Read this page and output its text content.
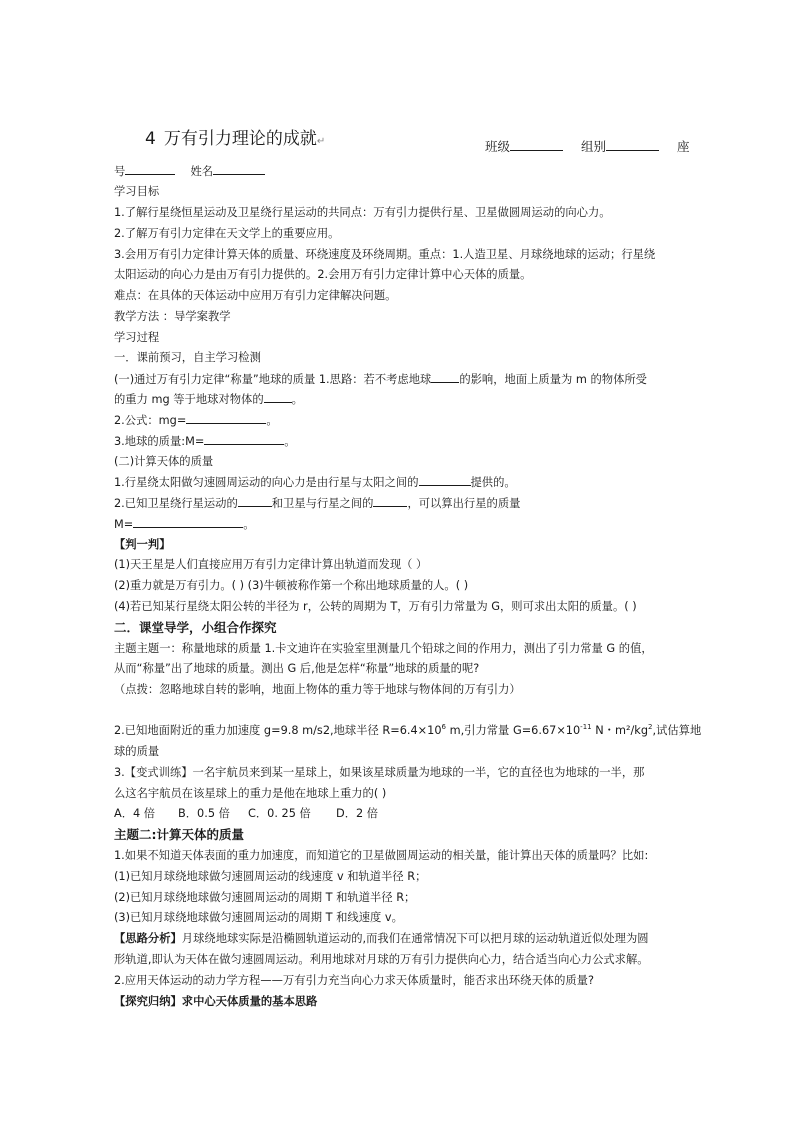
4 万有引力理论的成就↵	班级	组别	座
号	姓名
学习目标
1.了解行星绕恒星运动及卫星绕行星运动的共同点：万有引力提供行星、卫星做圆周运动的向心力。
2.了解万有引力定律在天文学上的重要应用。
3.会用万有引力定律计算天体的质量、环绕速度及环绕周期。重点：1.人造卫星、月球绕地球的运动；行星绕
太阳运动的向心力是由万有引力提供的。2.会用万有引力定律计算中心天体的质量。
难点：在具体的天体运动中应用万有引力定律解决问题。
教学方法 ：导学案教学
学习过程
一．课前预习，自主学习检测
(一)通过万有引力定律“称量”地球的质量 1.思路：若不考虑地球 的影响，地面上质量为 m 的物体所受
的重力 mg 等于地球对物体的 。
2.公式：mg=	。
3.地球的质量:M=	。
(二)计算天体的质量
1.行星绕太阳做匀速圆周运动的向心力是由行星与太阳之间的	提供的。
2.已知卫星绕行星运动的	和卫星与行星之间的	，可以算出行星的质量
M=	。
【判一判】
(1)天王星是人们直接应用万有引力定律计算出轨道而发现（ ）
(2)重力就是万有引力。( ) (3)牛顿被称作第一个称出地球质量的人。( )
(4)若已知某行星绕太阳公转的半径为 r，公转的周期为 T，万有引力常量为 G，则可求出太阳的质量。( )
二．课堂导学，小组合作探究
主题主题一：称量地球的质量 1.卡文迪许在实验室里测量几个铅球之间的作用力，测出了引力常量 G 的值，
从而“称量”出了地球的质量。测出 G 后,他是怎样“称量”地球的质量的呢?
（点拨：忽略地球自转的影响，地面上物体的重力等于地球与物体间的万有引力）
2.已知地面附近的重力加速度 g=9.8 m/s2,地球半径 $R=6.4\times 10^6$ m,引力常量 $G=6.67\times 10^{-11}$ N・$m^2/kg^2$,试估算地
球的质量
3.【变式训练】一名宇航员来到某一星球上，如果该星球质量为地球的一半，它的直径也为地球的一半，那
么这名宇航员在该星球上的重力是他在地球上重力的( )
A．4 倍 B．0.5 倍 C．0. 25 倍 D．2 倍
主题二:计算天体的质量
1.如果不知道天体表面的重力加速度，而知道它的卫星做圆周运动的相关量，能计算出天体的质量吗？比如:
(1)已知月球绕地球做匀速圆周运动的线速度 v 和轨道半径 R；
(2)已知月球绕地球做匀速圆周运动的周期 T 和轨道半径 R；
(3)已知月球绕地球做匀速圆周运动的周期 T 和线速度 v。
【思路分析】月球绕地球实际是沿椭圆轨道运动的,而我们在通常情况下可以把月球的运动轨道近似处理为圆
形轨道,即认为天体在做匀速圆周运动。利用地球对月球的万有引力提供向心力，结合适当向心力公式求解。
2.应用天体运动的动力学方程——万有引力充当向心力求天体质量时，能否求出环绕天体的质量?
【探究归纳】求中心天体质量的基本思路
